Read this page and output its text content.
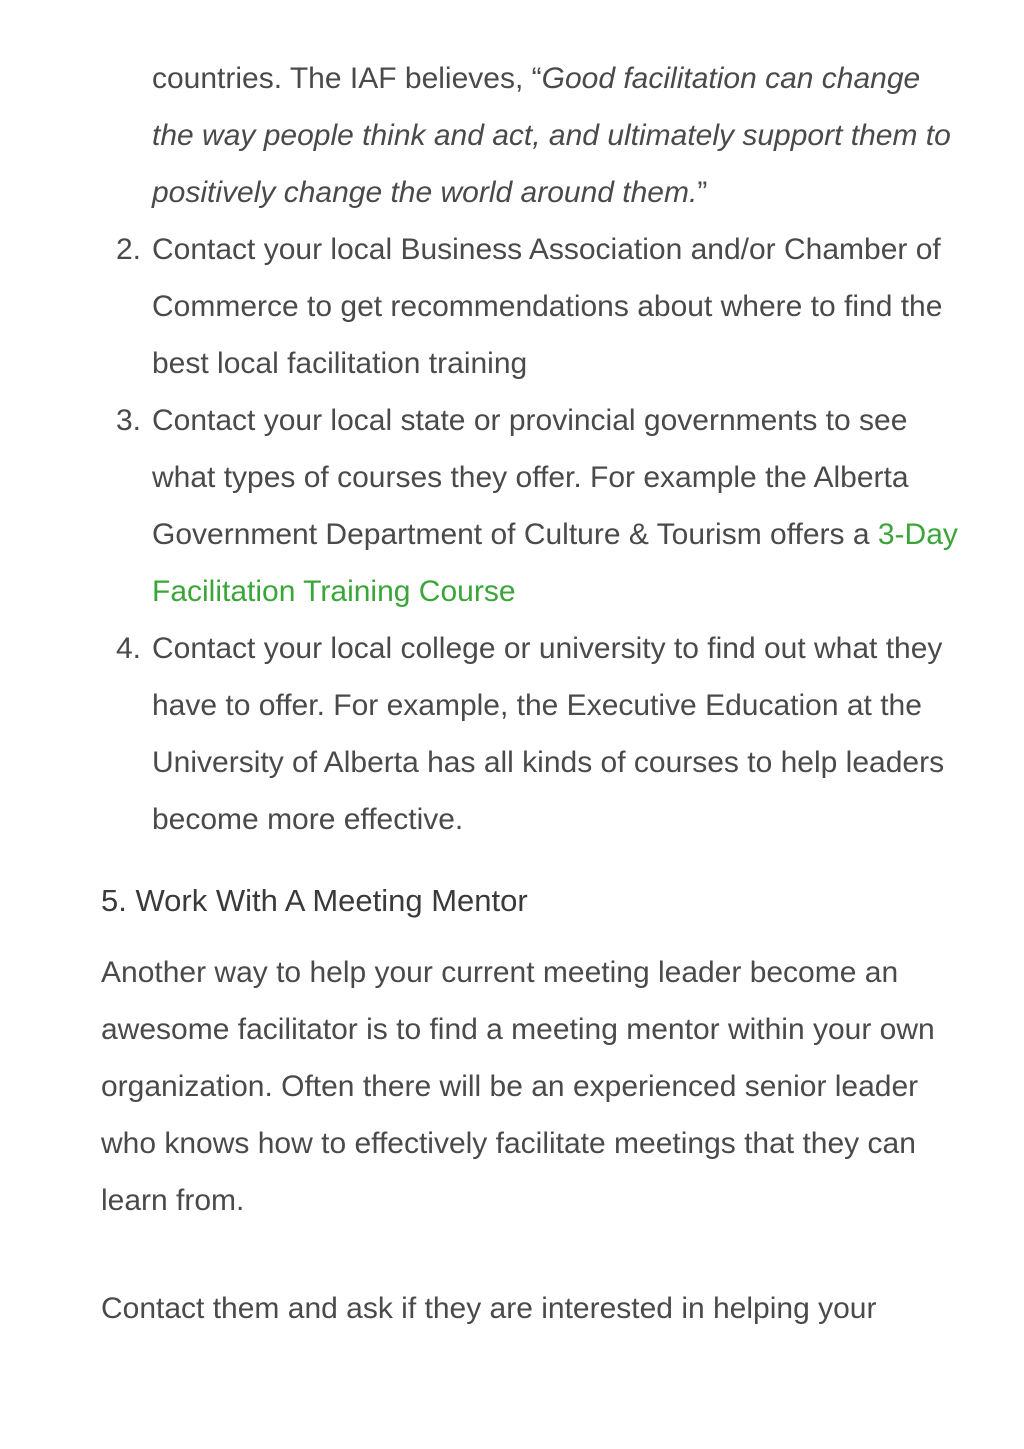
countries. The IAF believes, “Good facilitation can change the way people think and act, and ultimately support them to positively change the world around them.”
2. Contact your local Business Association and/or Chamber of Commerce to get recommendations about where to find the best local facilitation training
3. Contact your local state or provincial governments to see what types of courses they offer. For example the Alberta Government Department of Culture & Tourism offers a 3-Day Facilitation Training Course
4. Contact your local college or university to find out what they have to offer. For example, the Executive Education at the University of Alberta has all kinds of courses to help leaders become more effective.
5. Work With A Meeting Mentor

Another way to help your current meeting leader become an awesome facilitator is to find a meeting mentor within your own organization. Often there will be an experienced senior leader who knows how to effectively facilitate meetings that they can learn from.

Contact them and ask if they are interested in helping your
